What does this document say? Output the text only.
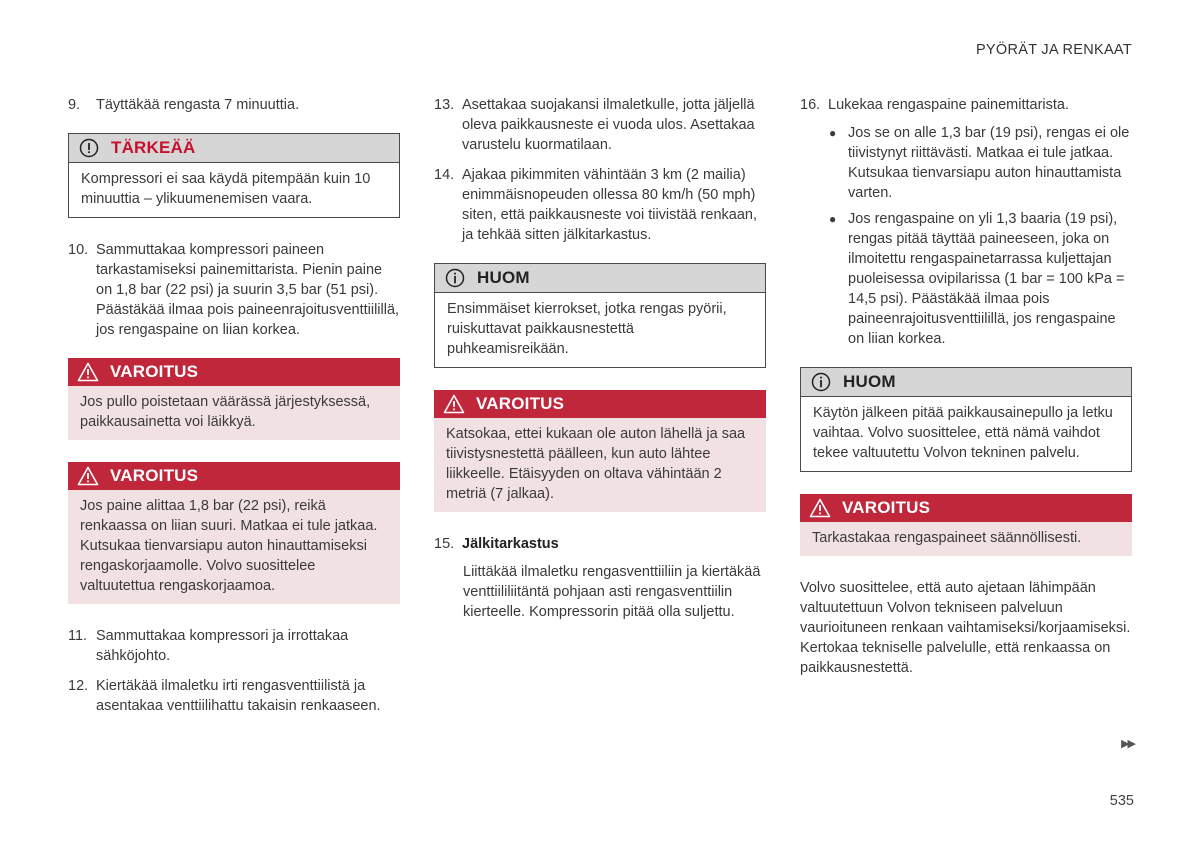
PYÖRÄT JA RENKAAT
9.	Täyttäkää rengasta 7 minuuttia.
TÄRKEÄÄ
Kompressori ei saa käydä pitempään kuin 10 minuuttia – ylikuumenemisen vaara.
10. Sammuttakaa kompressori paineen tarkastamiseksi painemittarista. Pienin paine on 1,8 bar (22 psi) ja suurin 3,5 bar (51 psi). Päästäkää ilmaa pois paineenrajoitusventtiilillä, jos rengaspaine on liian korkea.
VAROITUS
Jos pullo poistetaan väärässä järjestyksessä, paikkausainetta voi läikkyä.
VAROITUS
Jos paine alittaa 1,8 bar (22 psi), reikä renkaassa on liian suuri. Matkaa ei tule jatkaa. Kutsukaa tienvarsiapu auton hinauttamiseksi rengaskorjaamolle. Volvo suosittelee valtuutettua rengaskorjaamoa.
11. Sammuttakaa kompressori ja irrottakaa sähköjohto.
12. Kiertäkää ilmaletku irti rengasventtiilistä ja asentakaa venttiilihattu takaisin renkaaseen.
13. Asettakaa suojakansi ilmaletkulle, jotta jäljellä oleva paikkausneste ei vuoda ulos. Asettakaa varustelu kuormatilaan.
14. Ajakaa pikimmiten vähintään 3 km (2 mailia) enimmäisnopeuden ollessa 80 km/h (50 mph) siten, että paikkausneste voi tiivistää renkaan, ja tehkää sitten jälkitarkastus.
HUOM
Ensimmäiset kierrokset, jotka rengas pyörii, ruiskuttavat paikkausnestettä puhkeamisreikään.
VAROITUS
Katsokaa, ettei kukaan ole auton lähellä ja saa tiivistysnestettä päälleen, kun auto lähtee liikkeelle. Etäisyyden on oltava vähintään 2 metriä (7 jalkaa).
15. Jälkitarkastus
Liittäkää ilmaletku rengasventtiiliin ja kiertäkää venttiililiitäntä pohjaan asti rengasventtiilin kierteelle. Kompressorin pitää olla suljettu.
16. Lukekaa rengaspaine painemittarista.
● Jos se on alle 1,3 bar (19 psi), rengas ei ole tiivistynyt riittävästi. Matkaa ei tule jatkaa. Kutsukaa tienvarsiapu auton hinauttamista varten.
● Jos rengaspaine on yli 1,3 baaria (19 psi), rengas pitää täyttää paineeseen, joka on ilmoitettu rengaspainetarrassa kuljettajan puoleisessa ovipilarissa (1 bar = 100 kPa = 14,5 psi). Päästäkää ilmaa pois paineenrajoitusventtiilillä, jos rengaspaine on liian korkea.
HUOM
Käytön jälkeen pitää paikkausainepullo ja letku vaihtaa. Volvo suosittelee, että nämä vaihdot tekee valtuutettu Volvon tekninen palvelu.
VAROITUS
Tarkastakaa rengaspaineet säännöllisesti.

Volvo suosittelee, että auto ajetaan lähimpään valtuutettuun Volvon tekniseen palveluun vaurioituneen renkaan vaihtamiseksi/korjaamiseksi. Kertokaa tekniselle palvelulle, että renkaassa on paikkausnestettä.

▶▶
535
